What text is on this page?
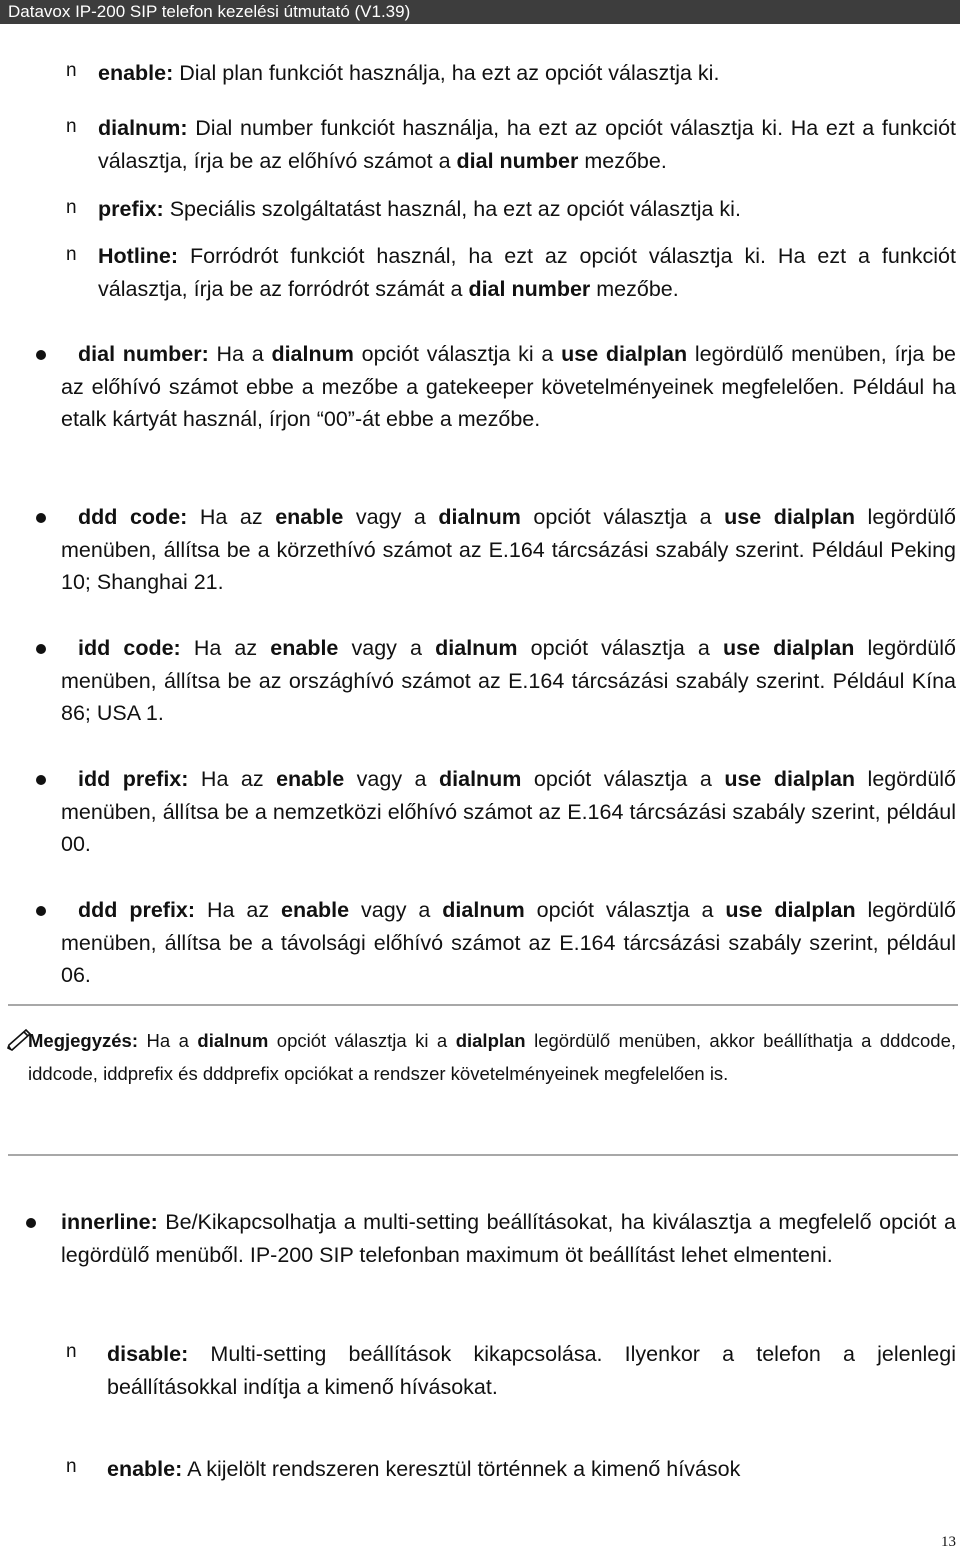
Datavox IP-200 SIP telefon kezelési útmutató (V1.39)
n enable: Dial plan funkciót használja, ha ezt az opciót választja ki.
n dialnum: Dial number funkciót használja, ha ezt az opciót választja ki. Ha ezt a funkciót választja, írja be az előhívó számot a dial number mezőbe.
n prefix: Speciális szolgáltatást használ, ha ezt az opciót választja ki.
n Hotline: Forródrót funkciót használ, ha ezt az opciót választja ki. Ha ezt a funkciót választja, írja be az forródrót számát a dial number mezőbe.
dial number: Ha a dialnum opciót választja ki a use dialplan legördülő menüben, írja be az előhívó számot ebbe a mezőbe a gatekeeper követelményeinek megfelelően. Például ha etalk kártyát használ, írjon “00”-át ebbe a mezőbe.
ddd code: Ha az enable vagy a dialnum opciót választja a use dialplan legördülő menüben, állítsa be a körzethívó számot az E.164 tárcsázási szabály szerint. Például Peking 10; Shanghai 21.
idd code: Ha az enable vagy a dialnum opciót választja a use dialplan legördülő menüben, állítsa be az országhívó számot az E.164 tárcsázási szabály szerint. Például Kína 86; USA 1.
idd prefix: Ha az enable vagy a dialnum opciót választja a use dialplan legördülő menüben, állítsa be a nemzetközi előhívó számot az E.164 tárcsázási szabály szerint, például 00.
ddd prefix: Ha az enable vagy a dialnum opciót választja a use dialplan legördülő menüben, állítsa be a távolsági előhívó számot az E.164 tárcsázási szabály szerint, például 06.
Megjegyzés: Ha a dialnum opciót választja ki a dialplan legördülő menüben, akkor beállíthatja a dddcode, iddcode, iddprefix és dddprefix opciókat a rendszer követelményeinek megfelelően is.
innerline: Be/Kikapcsolhatja a multi-setting beállításokat, ha kiválasztja a megfelelő opciót a legördülő menüből. IP-200 SIP telefonban maximum öt beállítást lehet elmenteni.
n disable: Multi-setting beállítások kikapcsolása. Ilyenkor a telefon a jelenlegi beállításokkal indítja a kimenő hívásokat.
n enable: A kijelölt rendszeren keresztül történnek a kimenő hívások
13
